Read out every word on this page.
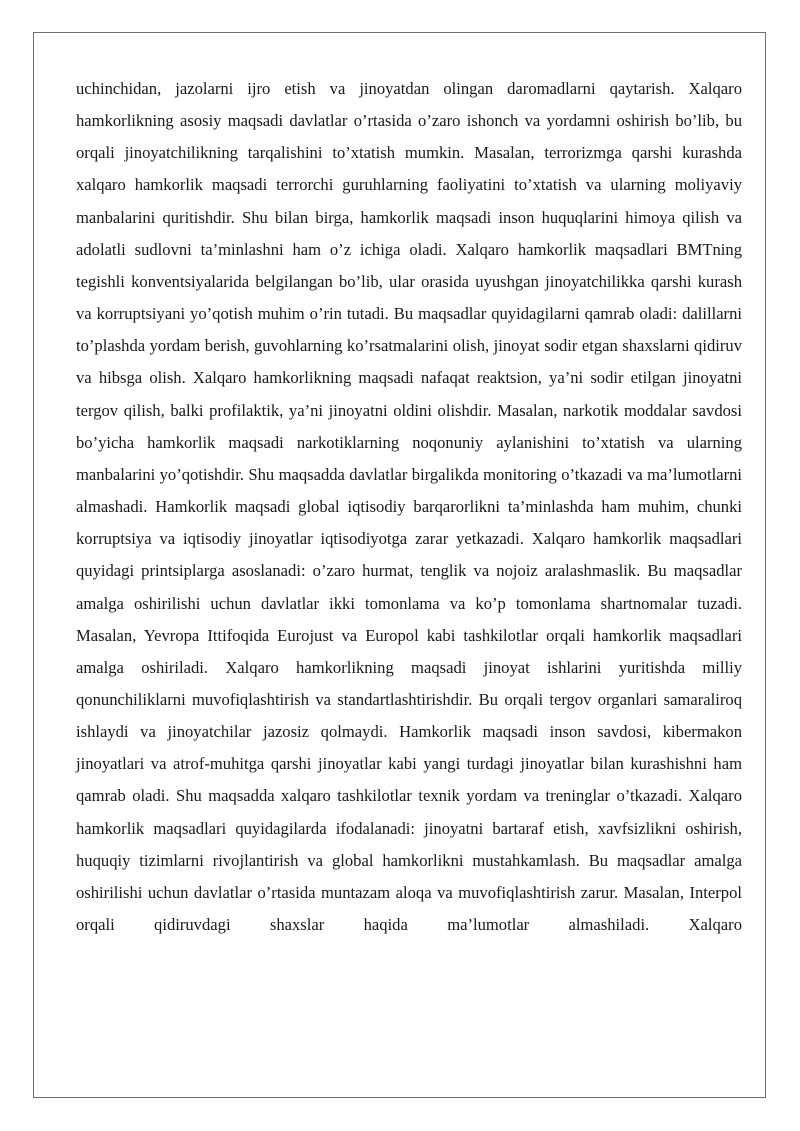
uchinchidan, jazolarni ijro etish va jinoyatdan olingan daromadlarni qaytarish. Xalqaro hamkorlikning asosiy maqsadi davlatlar o’rtasida o’zaro ishonch va yordamni oshirish bo’lib, bu orqali jinoyatchilikning tarqalishini to’xtatish mumkin. Masalan, terrorizmga qarshi kurashda xalqaro hamkorlik maqsadi terrorchi guruhlarning faoliyatini to’xtatish va ularning moliyaviy manbalarini quritishdir. Shu bilan birga, hamkorlik maqsadi inson huquqlarini himoya qilish va adolatli sudlovni ta’minlashni ham o’z ichiga oladi. Xalqaro hamkorlik maqsadlari BMTning tegishli konventsiyalarida belgilangan bo’lib, ular orasida uyushgan jinoyatchilikka qarshi kurash va korruptsiyani yo’qotish muhim o’rin tutadi. Bu maqsadlar quyidagilarni qamrab oladi: dalillarni to’plashda yordam berish, guvohlarning ko’rsatmalarini olish, jinoyat sodir etgan shaxslarni qidiruv va hibsga olish. Xalqaro hamkorlikning maqsadi nafaqat reaktsion, ya’ni sodir etilgan jinoyatni tergov qilish, balki profilaktik, ya’ni jinoyatni oldini olishdir. Masalan, narkotik moddalar savdosi bo’yicha hamkorlik maqsadi narkotiklarning noqonuniy aylanishini to’xtatish va ularning manbalarini yo’qotishdir. Shu maqsadda davlatlar birgalikda monitoring o’tkazadi va ma’lumotlarni almashadi. Hamkorlik maqsadi global iqtisodiy barqarorlikni ta’minlashda ham muhim, chunki korruptsiya va iqtisodiy jinoyatlar iqtisodiyotga zarar yetkazadi. Xalqaro hamkorlik maqsadlari quyidagi printsiplarga asoslanadi: o’zaro hurmat, tenglik va nojoiz aralashmaslik. Bu maqsadlar amalga oshirilishi uchun davlatlar ikki tomonlama va ko’p tomonlama shartnomalar tuzadi. Masalan, Yevropa Ittifoqida Eurojust va Europol kabi tashkilotlar orqali hamkorlik maqsadlari amalga oshiriladi. Xalqaro hamkorlikning maqsadi jinoyat ishlarini yuritishda milliy qonunchiliklarni muvofiqlashtirish va standartlashtirishdir. Bu orqali tergov organlari samaraliroq ishlaydi va jinoyatchilar jazosiz qolmaydi. Hamkorlik maqsadi inson savdosi, kibermakon jinoyatlari va atrof-muhitga qarshi jinoyatlar kabi yangi turdagi jinoyatlar bilan kurashishni ham qamrab oladi. Shu maqsadda xalqaro tashkilotlar texnik yordam va treninglar o’tkazadi. Xalqaro hamkorlik maqsadlari quyidagilarda ifodalanadi: jinoyatni bartaraf etish, xavfsizlikni oshirish, huquqiy tizimlarni rivojlantirish va global hamkorlikni mustahkamlash. Bu maqsadlar amalga oshirilishi uchun davlatlar o’rtasida muntazam aloqa va muvofiqlashtirish zarur. Masalan, Interpol orqali qidiruvdagi shaxslar haqida ma’lumotlar almashiladi. Xalqaro
